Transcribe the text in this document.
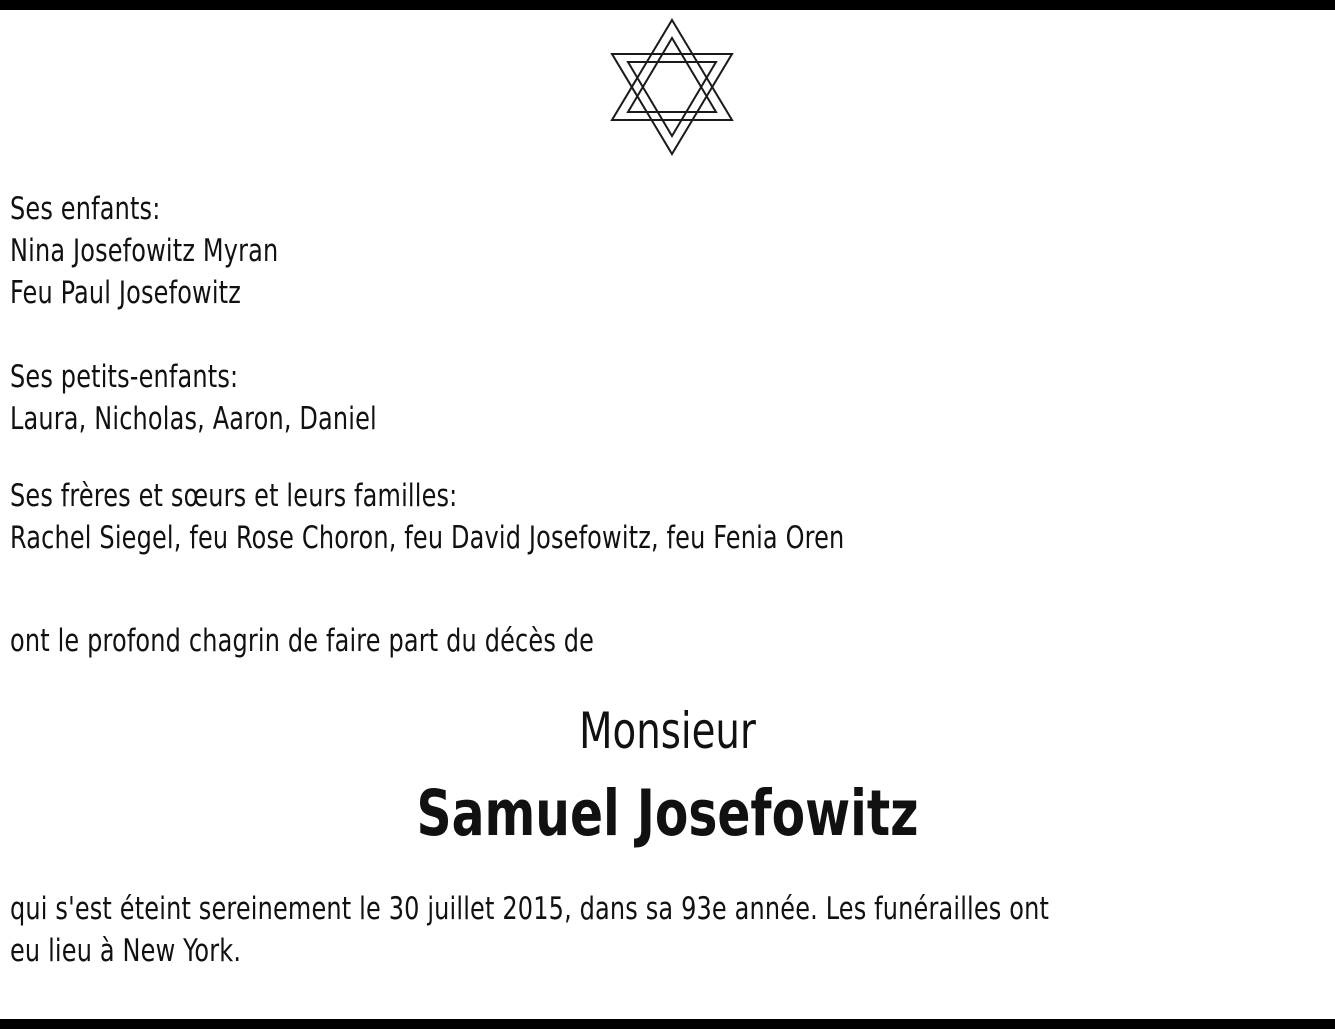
Ses enfants:
Nina Josefowitz Myran
Feu Paul Josefowitz
Ses petits-enfants:
Laura, Nicholas, Aaron, Daniel
Ses frères et sœurs et leurs familles:
Rachel Siegel, feu Rose Choron, feu David Josefowitz, feu Fenia Oren
ont le profond chagrin de faire part du décès de
Monsieur
Samuel Josefowitz
qui s'est éteint sereinement le 30 juillet 2015, dans sa 93e année. Les funérailles ont
eu lieu à New York.
